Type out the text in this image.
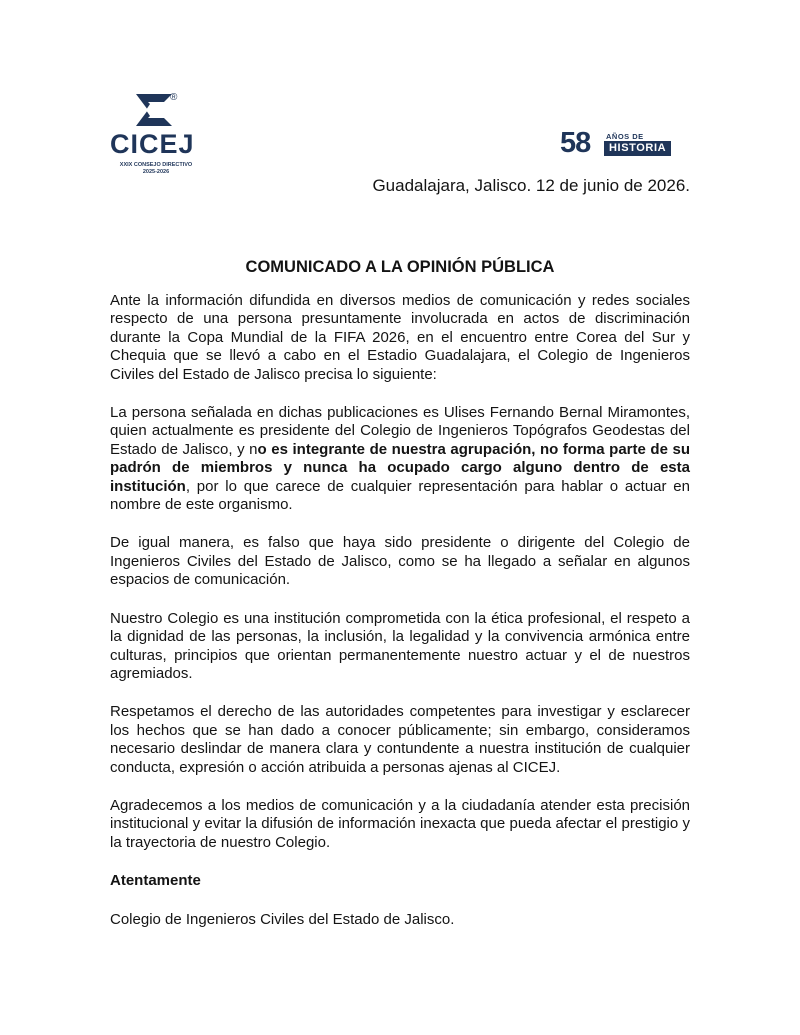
®
CICEJ
XXIX CONSEJO DIRECTIVO
2025-2026
58 AÑOS DE
HISTORIA
Guadalajara, Jalisco. 12 de junio de 2026.
COMUNICADO A LA OPINIÓN PÚBLICA

Ante la información difundida en diversos medios de comunicación y redes sociales respecto de una persona presuntamente involucrada en actos de discriminación durante la Copa Mundial de la FIFA 2026, en el encuentro entre Corea del Sur y Chequia que se llevó a cabo en el Estadio Guadalajara, el Colegio de Ingenieros Civiles del Estado de Jalisco precisa lo siguiente:

La persona señalada en dichas publicaciones es Ulises Fernando Bernal Miramontes, quien actualmente es presidente del Colegio de Ingenieros Topógrafos Geodestas del Estado de Jalisco, y no es integrante de nuestra agrupación, no forma parte de su padrón de miembros y nunca ha ocupado cargo alguno dentro de esta institución, por lo que carece de cualquier representación para hablar o actuar en nombre de este organismo.

De igual manera, es falso que haya sido presidente o dirigente del Colegio de Ingenieros Civiles del Estado de Jalisco, como se ha llegado a señalar en algunos espacios de comunicación.

Nuestro Colegio es una institución comprometida con la ética profesional, el respeto a la dignidad de las personas, la inclusión, la legalidad y la convivencia armónica entre culturas, principios que orientan permanentemente nuestro actuar y el de nuestros agremiados.

Respetamos el derecho de las autoridades competentes para investigar y esclarecer los hechos que se han dado a conocer públicamente; sin embargo, consideramos necesario deslindar de manera clara y contundente a nuestra institución de cualquier conducta, expresión o acción atribuida a personas ajenas al CICEJ.

Agradecemos a los medios de comunicación y a la ciudadanía atender esta precisión institucional y evitar la difusión de información inexacta que pueda afectar el prestigio y la trayectoria de nuestro Colegio.

Atentamente

Colegio de Ingenieros Civiles del Estado de Jalisco.
